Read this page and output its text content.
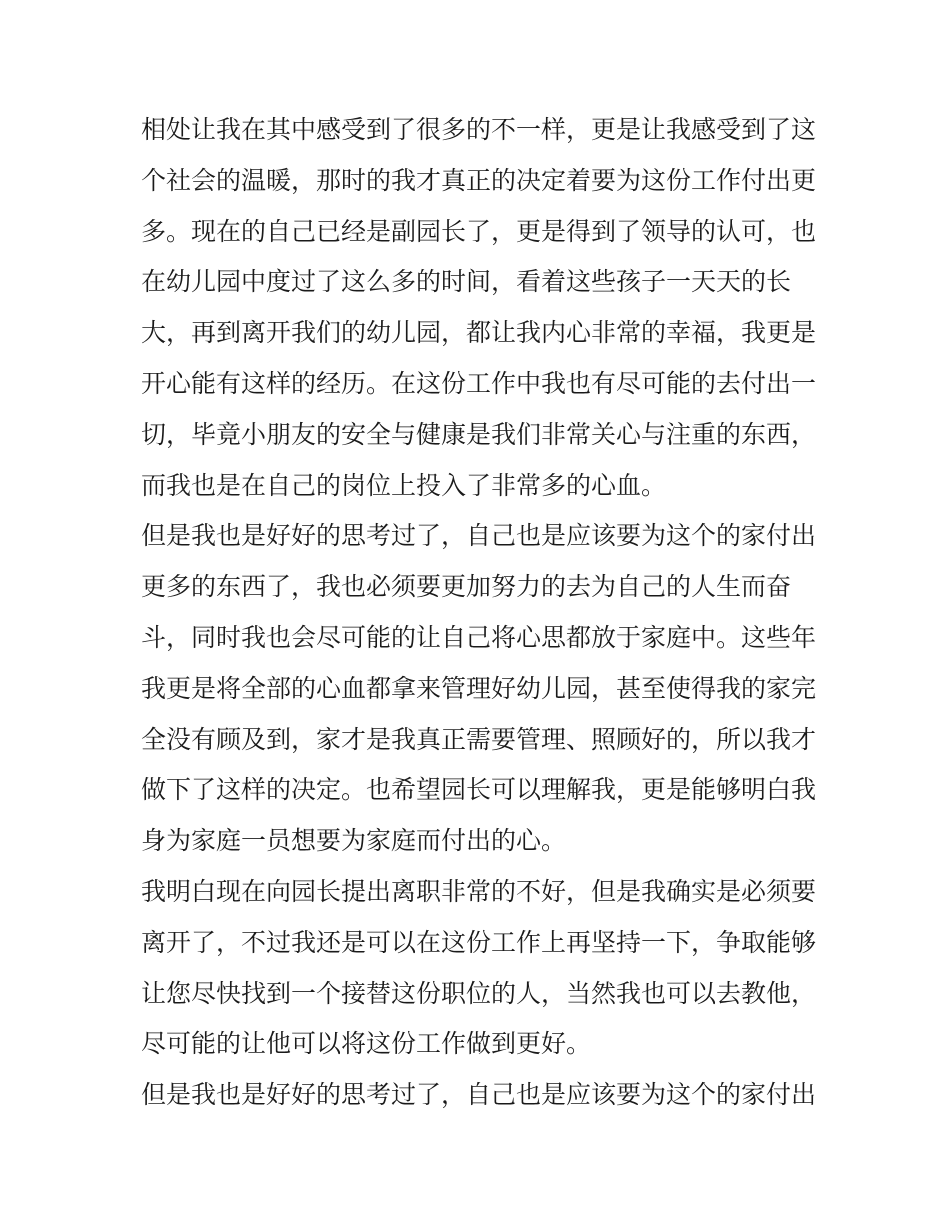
相处让我在其中感受到了很多的不一样，更是让我感受到了这
个社会的温暖，那时的我才真正的决定着要为这份工作付出更
多。现在的自己已经是副园长了，更是得到了领导的认可，也
在幼儿园中度过了这么多的时间，看着这些孩子一天天的长
大，再到离开我们的幼儿园，都让我内心非常的幸福，我更是
开心能有这样的经历。在这份工作中我也有尽可能的去付出一
切，毕竟小朋友的安全与健康是我们非常关心与注重的东西，
而我也是在自己的岗位上投入了非常多的心血。
但是我也是好好的思考过了，自己也是应该要为这个的家付出
更多的东西了，我也必须要更加努力的去为自己的人生而奋
斗，同时我也会尽可能的让自己将心思都放于家庭中。这些年
我更是将全部的心血都拿来管理好幼儿园，甚至使得我的家完
全没有顾及到，家才是我真正需要管理、照顾好的，所以我才
做下了这样的决定。也希望园长可以理解我，更是能够明白我
身为家庭一员想要为家庭而付出的心。
我明白现在向园长提出离职非常的不好，但是我确实是必须要
离开了，不过我还是可以在这份工作上再坚持一下，争取能够
让您尽快找到一个接替这份职位的人，当然我也可以去教他，
尽可能的让他可以将这份工作做到更好。
但是我也是好好的思考过了，自己也是应该要为这个的家付出
